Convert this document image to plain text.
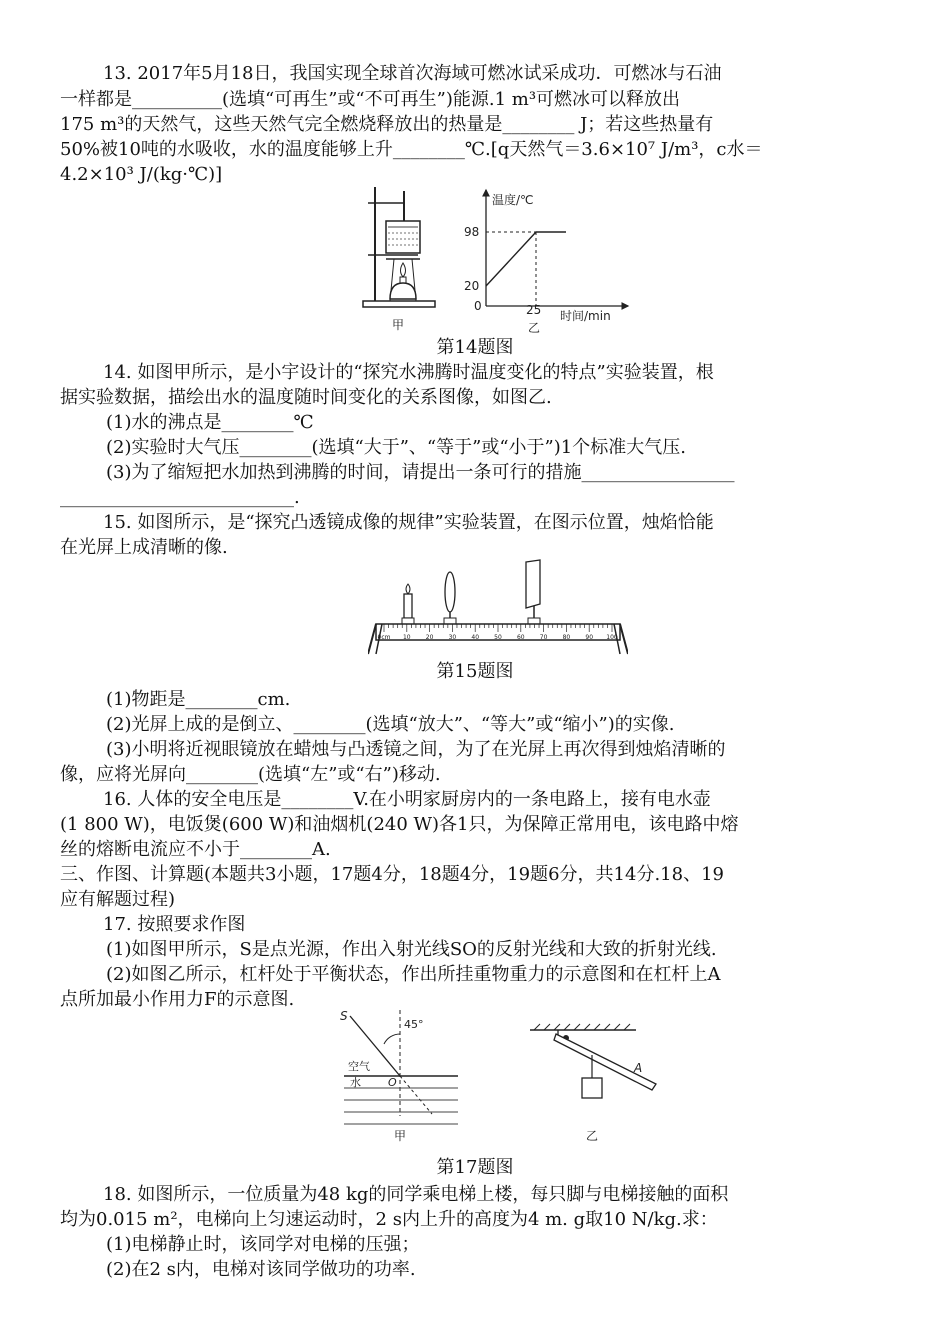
13. 2017年5月18日，我国实现全球首次海域可燃冰试采成功．可燃冰与石油
一样都是__________(选填“可再生”或“不可再生”)能源.1 m³可燃冰可以释放出
175 m³的天然气，这些天然气完全燃烧释放出的热量是________ J；若这些热量有
50%被10吨的水吸收，水的温度能够上升________℃.[q天然气＝3.6×10⁷ J/m³，c水＝
4.2×10³ J/(kg·℃)]
甲
温度/℃
时间/min
98
20
0	25
乙
第14题图
14. 如图甲所示，是小宇设计的“探究水沸腾时温度变化的特点”实验装置，根
据实验数据，描绘出水的温度随时间变化的关系图像，如图乙.
(1)水的沸点是________℃
(2)实验时大气压________(选填“大于”、“等于”或“小于”)1个标准大气压.
(3)为了缩短把水加热到沸腾的时间，请提出一条可行的措施_________________
__________________________.
15. 如图所示，是“探究凸透镜成像的规律”实验装置，在图示位置，烛焰恰能
在光屏上成清晰的像.
0cm 10	20	30	40	50	60	70	80	90 100
第15题图
(1)物距是________cm.
(2)光屏上成的是倒立、________(选填“放大”、“等大”或“缩小”)的实像.
(3)小明将近视眼镜放在蜡烛与凸透镜之间，为了在光屏上再次得到烛焰清晰的
像，应将光屏向________(选填“左”或“右”)移动.
16. 人体的安全电压是________V.在小明家厨房内的一条电路上，接有电水壶
(1 800 W)，电饭煲(600 W)和油烟机(240 W)各1只，为保障正常用电，该电路中熔
丝的熔断电流应不小于________A.
三、作图、计算题(本题共3小题，17题4分，18题4分，19题6分，共14分.18、19
应有解题过程)
17. 按照要求作图
(1)如图甲所示，S是点光源，作出入射光线SO的反射光线和大致的折射光线.
(2)如图乙所示，杠杆处于平衡状态，作出所挂重物重力的示意图和在杠杆上A
点所加最小作用力F的示意图.
S
45°
空气
水 O
甲
A
乙
第17题图
18. 如图所示，一位质量为48 kg的同学乘电梯上楼，每只脚与电梯接触的面积
均为0.015 m²，电梯向上匀速运动时，2 s内上升的高度为4 m. g取10 N/kg.求：
(1)电梯静止时，该同学对电梯的压强；
(2)在2 s内，电梯对该同学做功的功率.
